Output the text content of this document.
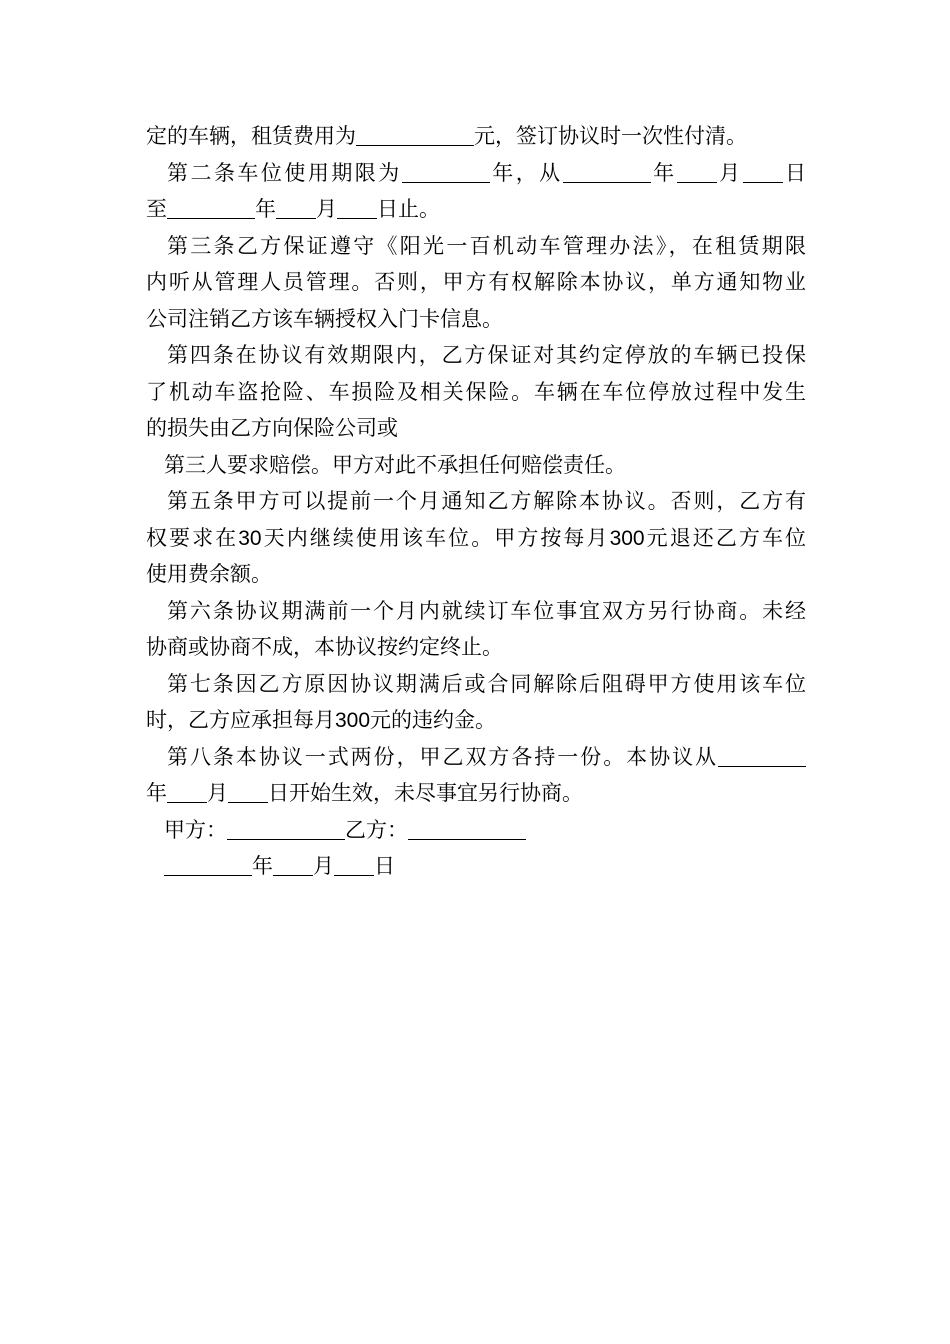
定的车辆，租赁费用为	元，签订协议时一次性付清。
第二条车位使用期限为	年，从	年 月 日
至	年 月 日止。
第三条乙方保证遵守《阳光一百机动车管理办法》，在租赁期限
内听从管理人员管理。否则，甲方有权解除本协议，单方通知物业
公司注销乙方该车辆授权入门卡信息。
第四条在协议有效期限内，乙方保证对其约定停放的车辆已投保
了机动车盗抢险、车损险及相关保险。车辆在车位停放过程中发生
的损失由乙方向保险公司或
第三人要求赔偿。甲方对此不承担任何赔偿责任。
第五条甲方可以提前一个月通知乙方解除本协议。否则，乙方有
权要求在30天内继续使用该车位。甲方按每月300元退还乙方车位
使用费余额。
第六条协议期满前一个月内就续订车位事宜双方另行协商。未经
协商或协商不成，本协议按约定终止。
第七条因乙方原因协议期满后或合同解除后阻碍甲方使用该车位
时，乙方应承担每月300元的违约金。
第八条本协议一式两份，甲乙双方各持一份。本协议从
年 月 日开始生效，未尽事宜另行协商。
甲方：	乙方：
年 月 日
